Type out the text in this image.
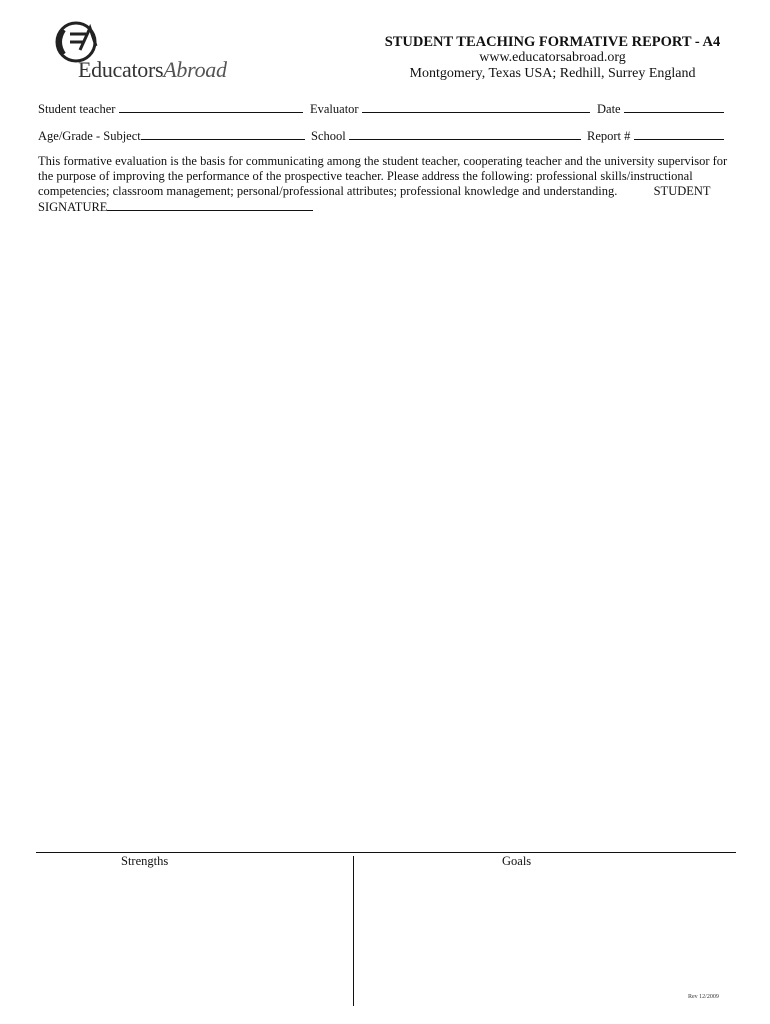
EducatorsAbroad
STUDENT TEACHING FORMATIVE REPORT - A4
www.educatorsabroad.org
Montgomery, Texas USA; Redhill, Surrey England
Student teacher	Evaluator	Date
Age/Grade - Subject	School	Report #
This formative evaluation is the basis for communicating among the student teacher, cooperating teacher and the university supervisor for the purpose of improving the performance of the prospective teacher. Please address the following: professional skills/instructional competencies; classroom management; personal/professional attributes; professional knowledge and understanding.	STUDENT SIGNATURE
Strengths	Goals
Rev 12/2009
